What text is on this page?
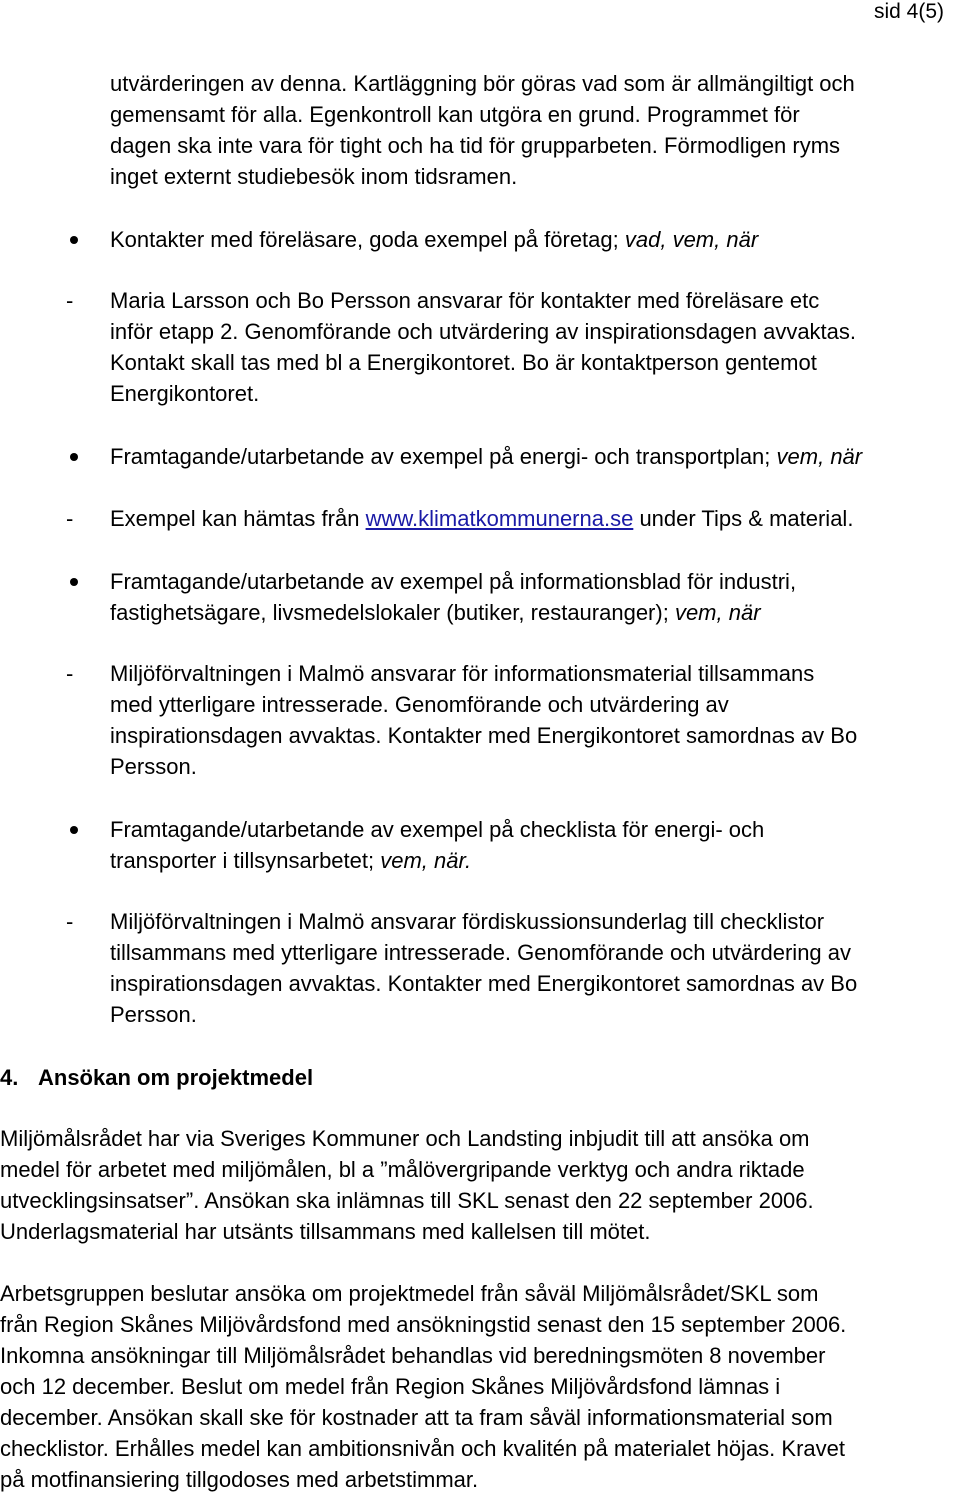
sid 4(5)
utvärderingen av denna. Kartläggning bör göras vad som är allmängiltigt och
gemensamt för alla. Egenkontroll kan utgöra en grund. Programmet för
dagen ska inte vara för tight och ha tid för grupparbeten. Förmodligen ryms
inget externt studiebesök inom tidsramen.
Kontakter med föreläsare, goda exempel på företag; vad, vem, när
-	Maria Larsson och Bo Persson ansvarar för kontakter med föreläsare etc
inför etapp 2. Genomförande och utvärdering av inspirationsdagen avvaktas.
Kontakt skall tas med bl a Energikontoret. Bo är kontaktperson gentemot
Energikontoret.
Framtagande/utarbetande av exempel på energi- och transportplan; vem, när
-	Exempel kan hämtas från www.klimatkommunerna.se under Tips & material.
Framtagande/utarbetande av exempel på informationsblad för industri,
fastighetsägare, livsmedelslokaler (butiker, restauranger); vem, när
-	Miljöförvaltningen i Malmö ansvarar för informationsmaterial tillsammans
med ytterligare intresserade. Genomförande och utvärdering av
inspirationsdagen avvaktas. Kontakter med Energikontoret samordnas av Bo
Persson.
Framtagande/utarbetande av exempel på checklista för energi- och
transporter i tillsynsarbetet; vem, när.
-	Miljöförvaltningen i Malmö ansvarar fördiskussionsunderlag till checklistor
tillsammans med ytterligare intresserade. Genomförande och utvärdering av
inspirationsdagen avvaktas. Kontakter med Energikontoret samordnas av Bo
Persson.
4. Ansökan om projektmedel
Miljömålsrådet har via Sveriges Kommuner och Landsting inbjudit till att ansöka om
medel för arbetet med miljömålen, bl a ”målövergripande verktyg och andra riktade
utvecklingsinsatser”. Ansökan ska inlämnas till SKL senast den 22 september 2006.
Underlagsmaterial har utsänts tillsammans med kallelsen till mötet.
Arbetsgruppen beslutar ansöka om projektmedel från såväl Miljömålsrådet/SKL som
från Region Skånes Miljövårdsfond med ansökningstid senast den 15 september 2006.
Inkomna ansökningar till Miljömålsrådet behandlas vid beredningsmöten 8 november
och 12 december. Beslut om medel från Region Skånes Miljövårdsfond lämnas i
december. Ansökan skall ske för kostnader att ta fram såväl informationsmaterial som
checklistor. Erhålles medel kan ambitionsnivån och kvalitén på materialet höjas. Kravet
på motfinansiering tillgodoses med arbetstimmar.
